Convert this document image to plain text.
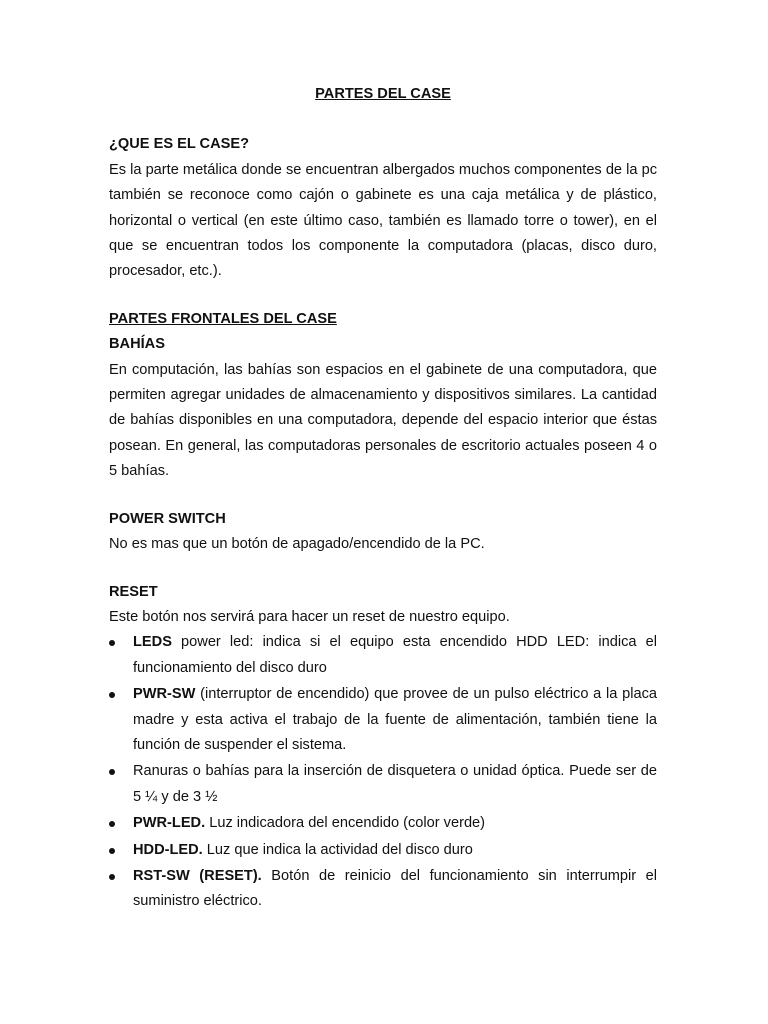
PARTES DEL CASE
¿QUE ES EL CASE?

Es la parte metálica donde se encuentran albergados muchos componentes de la pc también se reconoce como cajón o gabinete es una caja metálica y de plástico, horizontal o vertical (en este último caso, también es llamado torre o tower), en el que se encuentran todos los componente la computadora (placas, disco duro, procesador, etc.).

PARTES FRONTALES DEL CASE
BAHÍAS

En computación, las bahías son espacios en el gabinete de una computadora, que permiten agregar unidades de almacenamiento y dispositivos similares. La cantidad de bahías disponibles en una computadora, depende del espacio interior que éstas posean. En general, las computadoras personales de escritorio actuales poseen 4 o 5 bahías.

POWER SWITCH

No es mas que un botón de apagado/encendido de la PC.

RESET

Este botón nos servirá para hacer un reset de nuestro equipo.

LEDS power led: indica si el equipo esta encendido HDD LED: indica el funcionamiento del disco duro
PWR-SW (interruptor de encendido) que provee de un pulso eléctrico a la placa madre y esta activa el trabajo de la fuente de alimentación, también tiene la función de suspender el sistema.
Ranuras o bahías para la inserción de disquetera o unidad óptica. Puede ser de 5 ¼ y de 3 ½
PWR-LED. Luz indicadora del encendido (color verde)
HDD-LED. Luz que indica la actividad del disco duro
RST-SW (RESET). Botón de reinicio del funcionamiento sin interrumpir el suministro eléctrico.
